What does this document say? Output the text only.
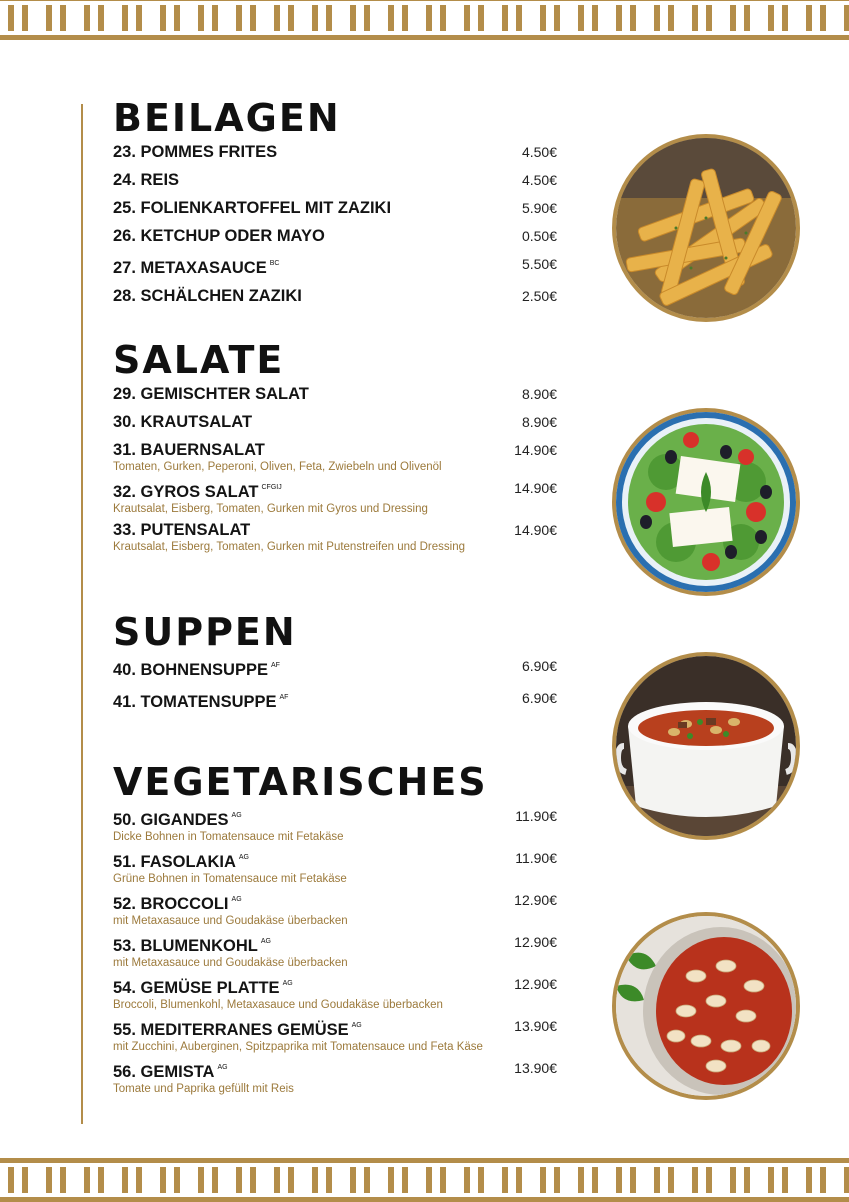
BEILAGEN
23. POMMES FRITES	4.50€
24. REIS	4.50€
25. FOLIENKARTOFFEL MIT ZAZIKI	5.90€
26. KETCHUP ODER MAYO	0.50€
27. METAXASAUCE $^{BC}$	5.50€
28. SCHÄLCHEN ZAZIKI	2.50€
SALATE
29. GEMISCHTER SALAT	8.90€
30. KRAUTSALAT	8.90€
31. BAUERNSALAT	14.90€
Tomaten, Gurken, Peperoni, Oliven, Feta, Zwiebeln und Olivenöl
32. GYROS SALAT $^{CFGIJ}$	14.90€
Krautsalat, Eisberg, Tomaten, Gurken mit Gyros und Dressing
33. PUTENSALAT	14.90€
Krautsalat, Eisberg, Tomaten, Gurken mit Putenstreifen und Dressing
SUPPEN
40. BOHNENSUPPE $^{AF}$	6.90€
41. TOMATENSUPPE $^{AF}$	6.90€
VEGETARISCHES
50. GIGANDES $^{AG}$	11.90€
Dicke Bohnen in Tomatensauce mit Fetakäse
51. FASOLAKIA $^{AG}$	11.90€
Grüne Bohnen in Tomatensauce mit Fetakäse
52. BROCCOLI $^{AG}$	12.90€
mit Metaxasauce und Goudakäse überbacken
53. BLUMENKOHL $^{AG}$	12.90€
mit Metaxasauce und Goudakäse überbacken
54. GEMÜSE PLATTE $^{AG}$	12.90€
Broccoli, Blumenkohl, Metaxasauce und Goudakäse überbacken
55. MEDITERRANES GEMÜSE $^{AG}$	13.90€
mit Zucchini, Auberginen, Spitzpaprika mit Tomatensauce und Feta Käse
56. GEMISTA $^{AG}$	13.90€
Tomate und Paprika gefüllt mit Reis
